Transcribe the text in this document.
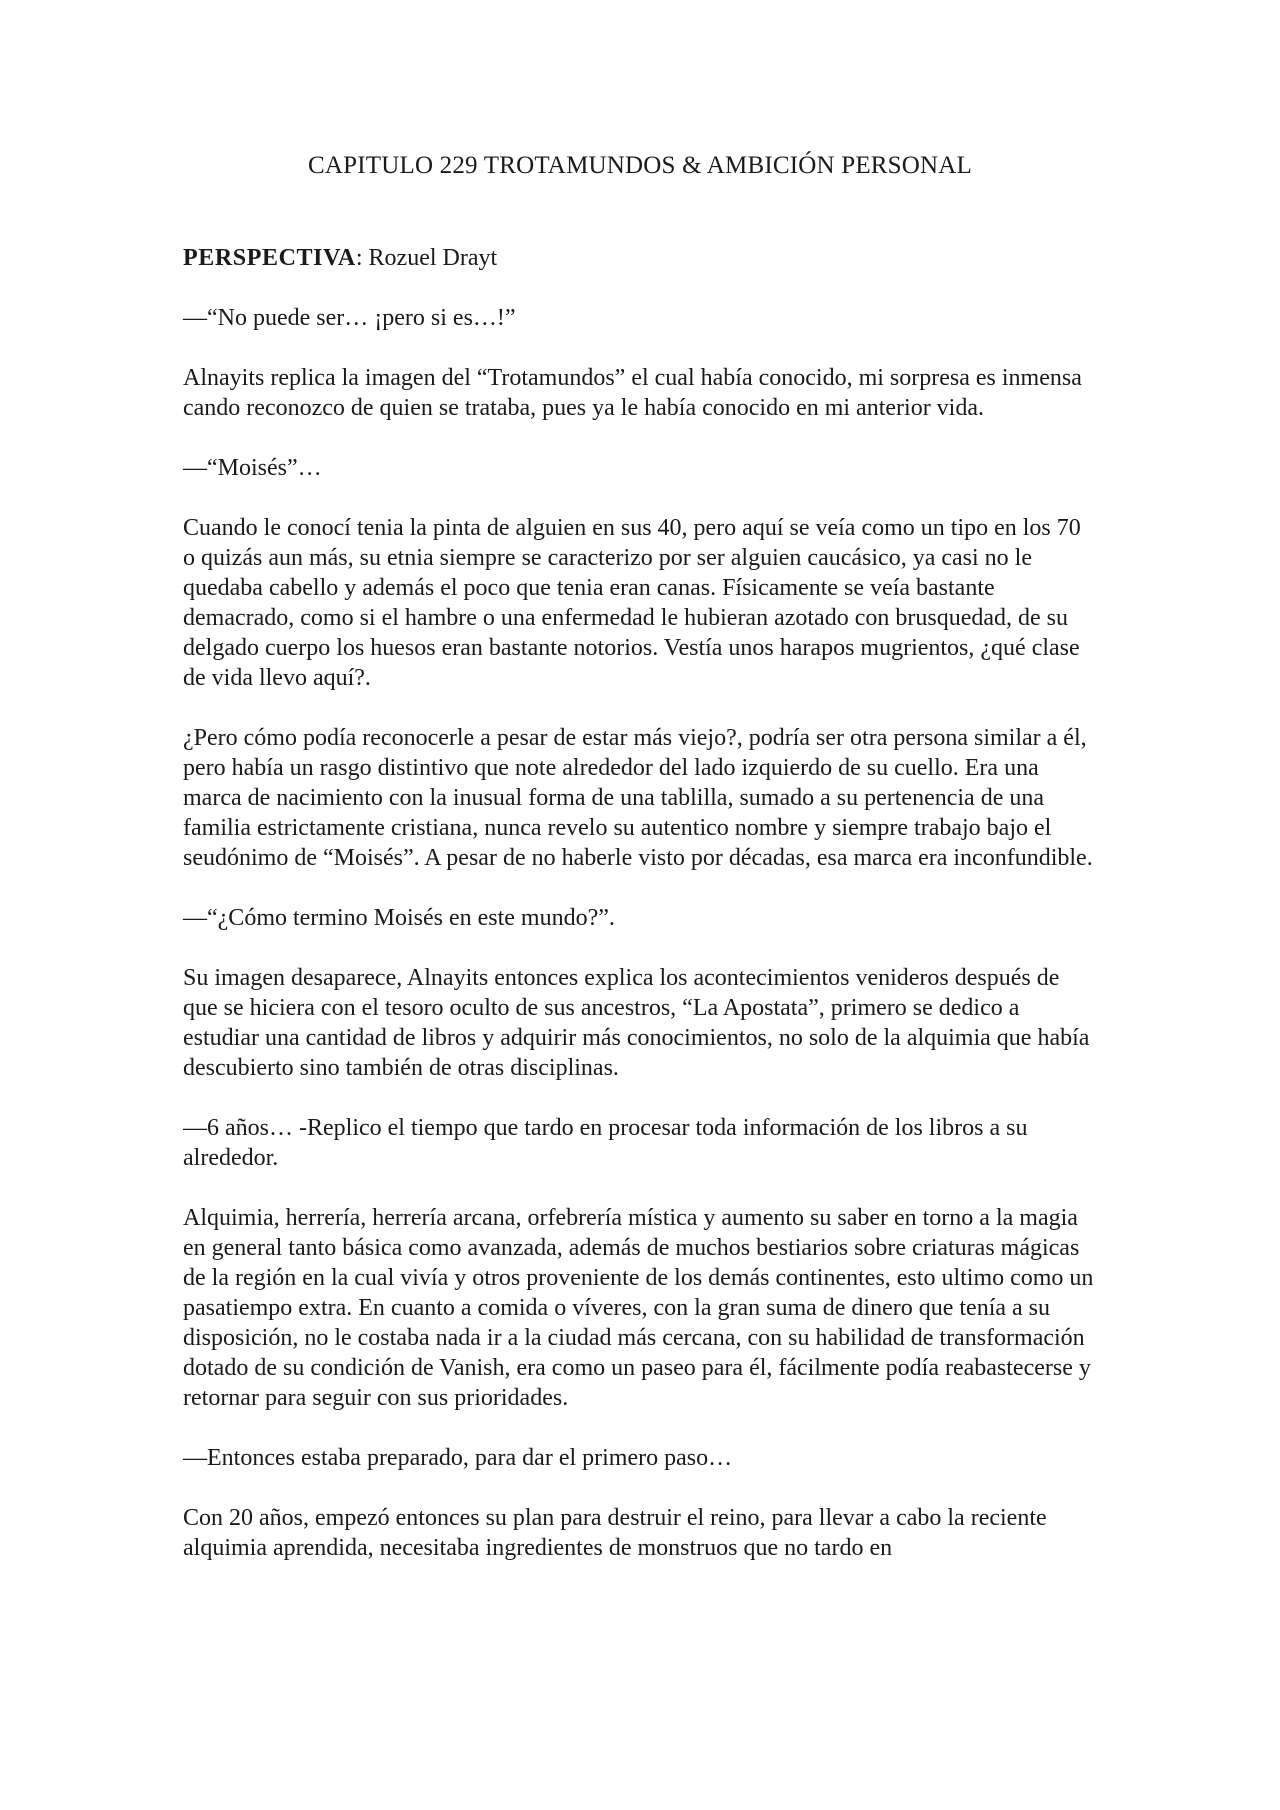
CAPITULO 229 TROTAMUNDOS & AMBICIÓN PERSONAL

PERSPECTIVA: Rozuel Drayt

—“No puede ser… ¡pero si es…!”

Alnayits replica la imagen del “Trotamundos” el cual había conocido, mi sorpresa es inmensa cando reconozco de quien se trataba, pues ya le había conocido en mi anterior vida.

—“Moisés”…

Cuando le conocí tenia la pinta de alguien en sus 40, pero aquí se veía como un tipo en los 70 o quizás aun más, su etnia siempre se caracterizo por ser alguien caucásico, ya casi no le quedaba cabello y además el poco que tenia eran canas. Físicamente se veía bastante demacrado, como si el hambre o una enfermedad le hubieran azotado con brusquedad, de su delgado cuerpo los huesos eran bastante notorios. Vestía unos harapos mugrientos, ¿qué clase de vida llevo aquí?.

¿Pero cómo podía reconocerle a pesar de estar más viejo?, podría ser otra persona similar a él, pero había un rasgo distintivo que note alrededor del lado izquierdo de su cuello. Era una marca de nacimiento con la inusual forma de una tablilla, sumado a su pertenencia de una familia estrictamente cristiana, nunca revelo su autentico nombre y siempre trabajo bajo el seudónimo de “Moisés”. A pesar de no haberle visto por décadas, esa marca era inconfundible.

—“¿Cómo termino Moisés en este mundo?”.

Su imagen desaparece, Alnayits entonces explica los acontecimientos venideros después de que se hiciera con el tesoro oculto de sus ancestros, “La Apostata”, primero se dedico a estudiar una cantidad de libros y adquirir más conocimientos, no solo de la alquimia que había descubierto sino también de otras disciplinas.

—6 años… -Replico el tiempo que tardo en procesar toda información de los libros a su alrededor.

Alquimia, herrería, herrería arcana, orfebrería mística y aumento su saber en torno a la magia en general tanto básica como avanzada, además de muchos bestiarios sobre criaturas mágicas de la región en la cual vivía y otros proveniente de los demás continentes, esto ultimo como un pasatiempo extra. En cuanto a comida o víveres, con la gran suma de dinero que tenía a su disposición, no le costaba nada ir a la ciudad más cercana, con su habilidad de transformación dotado de su condición de Vanish, era como un paseo para él, fácilmente podía reabastecerse y retornar para seguir con sus prioridades.

—Entonces estaba preparado, para dar el primero paso…

Con 20 años, empezó entonces su plan para destruir el reino, para llevar a cabo la reciente alquimia aprendida, necesitaba ingredientes de monstruos que no tardo en
